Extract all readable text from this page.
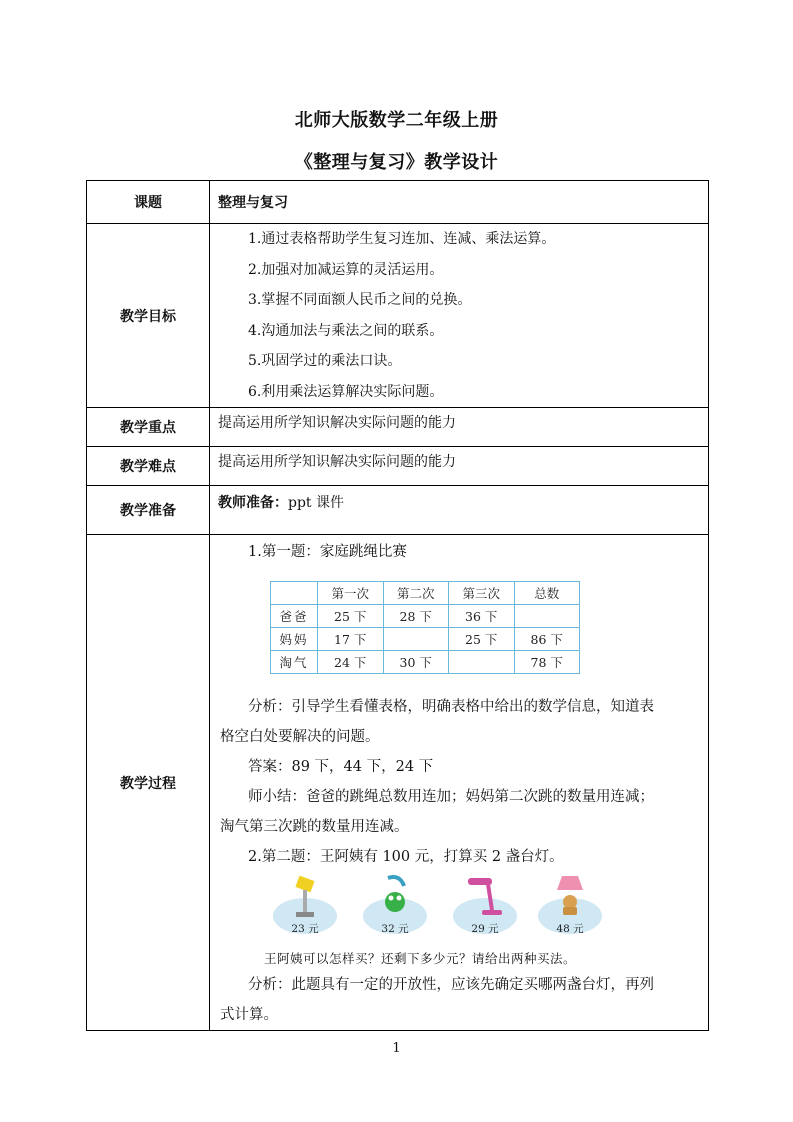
北师大版数学二年级上册
《整理与复习》教学设计
课题	整理与复习
教学目标	
1.通过表格帮助学生复习连加、连减、乘法运算。
2.加强对加减运算的灵活运用。
3.掌握不同面额人民币之间的兑换。
4.沟通加法与乘法之间的联系。
5.巩固学过的乘法口诀。
6.利用乘法运算解决实际问题。

教学重点	提高运用所学知识解决实际问题的能力
教学难点	提高运用所学知识解决实际问题的能力
教学准备	教师准备：ppt 课件
教学过程	
1.第一题：家庭跳绳比赛
	第一次	第二次	第三次	总数
爸爸	25 下	28 下	36 下	
妈妈	17 下		25 下	86 下
淘气	24 下	30 下		78 下
分析：引导学生看懂表格，明确表格中给出的数学信息，知道表
格空白处要解决的问题。
答案：89 下，44 下，24 下
师小结：爸爸的跳绳总数用连加；妈妈第二次跳的数量用连减；
淘气第三次跳的数量用连减。
2.第二题：王阿姨有 100 元，打算买 2 盏台灯。
23 元	32 元	29 元	48 元
王阿姨可以怎样买？还剩下多少元？请给出两种买法。
分析：此题具有一定的开放性，应该先确定买哪两盏台灯，再列
式计算。
1
